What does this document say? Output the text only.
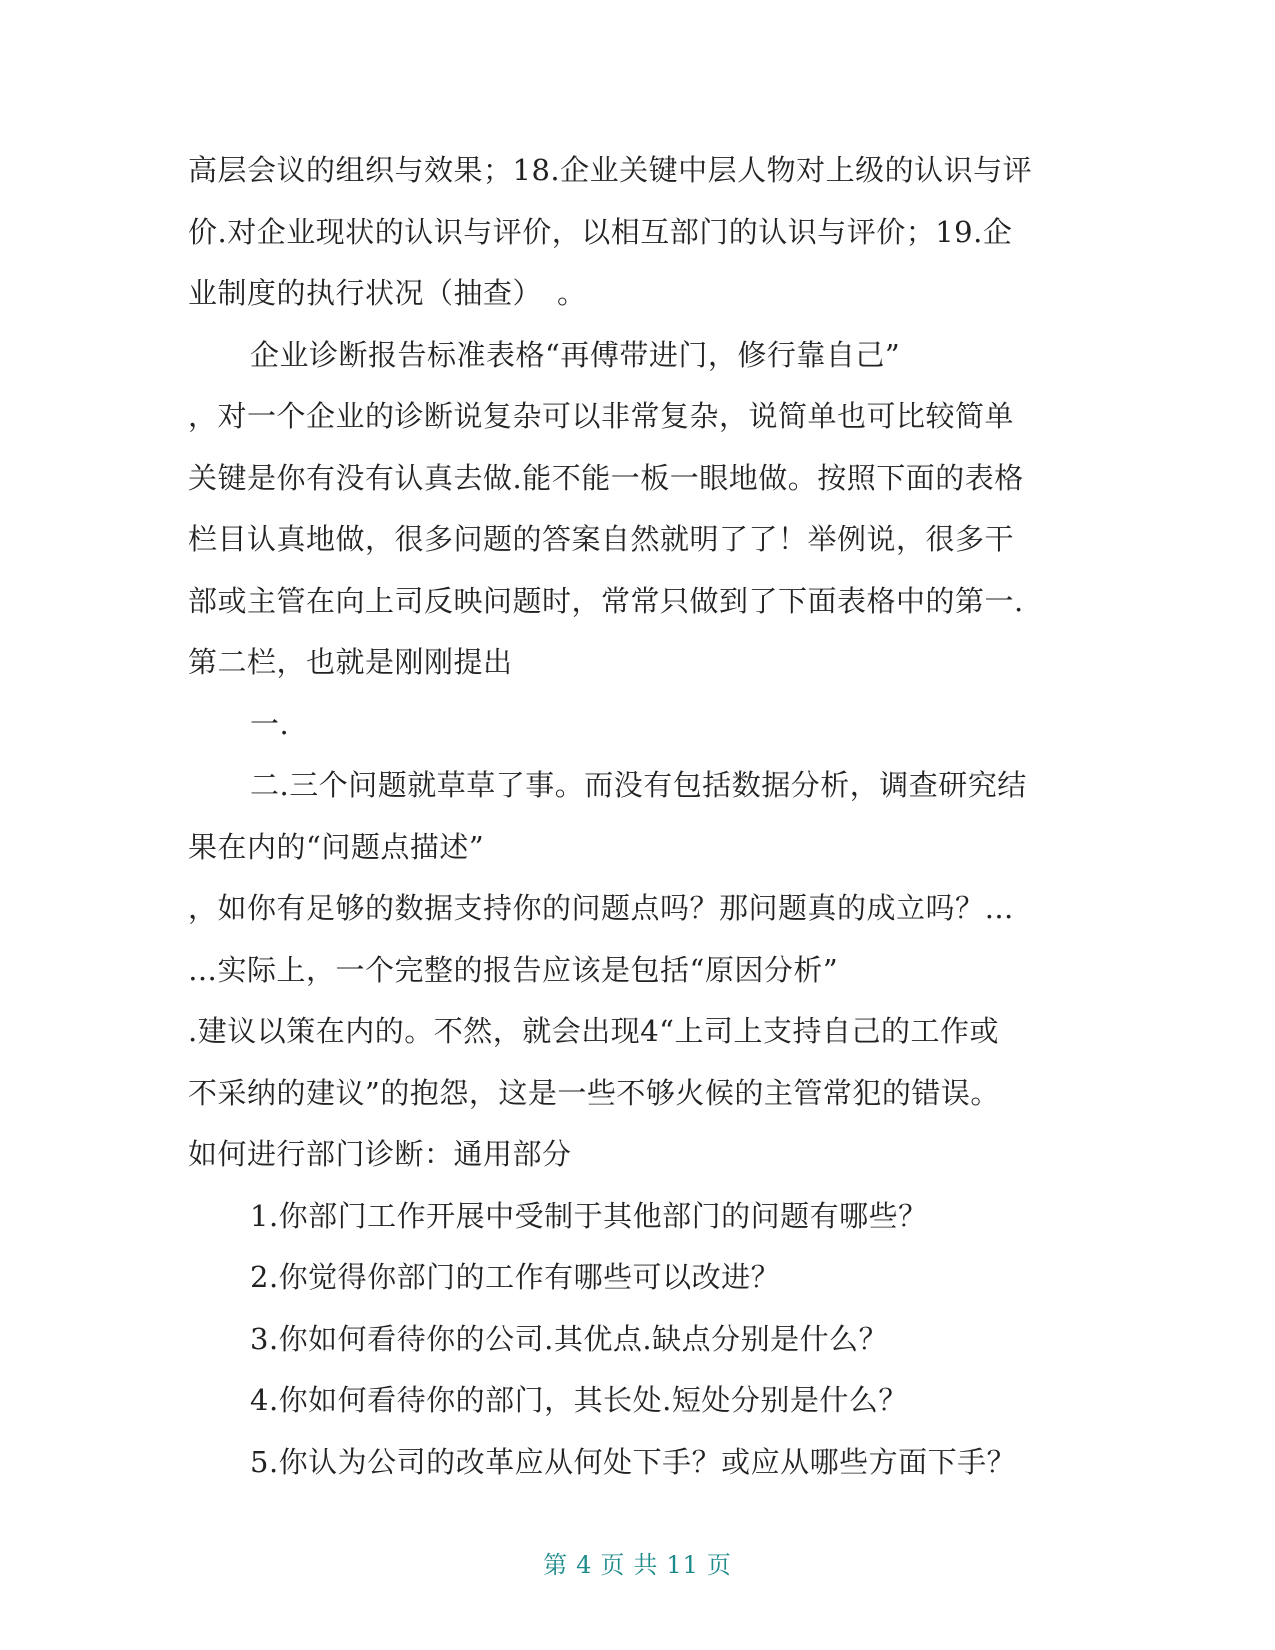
高层会议的组织与效果；18.企业关键中层人物对上级的认识与评
价.对企业现状的认识与评价，以相互部门的认识与评价；19.企
业制度的执行状况（抽查）　。
企业诊断报告标准表格“再傅带进门，修行靠自己”
，对一个企业的诊断说复杂可以非常复杂，说简单也可比较简单
关键是你有没有认真去做.能不能一板一眼地做。按照下面的表格
栏目认真地做，很多问题的答案自然就明了了！举例说，很多干
部或主管在向上司反映问题时，常常只做到了下面表格中的第一.
第二栏，也就是刚刚提出
一.
二.三个问题就草草了事。而没有包括数据分析，调查研究结
果在内的“问题点描述”
，如你有足够的数据支持你的问题点吗？那问题真的成立吗？…
…实际上，一个完整的报告应该是包括“原因分析”
.建议以策在内的。不然，就会出现4“上司上支持自己的工作或
不采纳的建议”的抱怨，这是一些不够火候的主管常犯的错误。
如何进行部门诊断：通用部分
1.你部门工作开展中受制于其他部门的问题有哪些？
2.你觉得你部门的工作有哪些可以改进？
3.你如何看待你的公司.其优点.缺点分别是什么？
4.你如何看待你的部门，其长处.短处分别是什么？
5.你认为公司的改革应从何处下手？或应从哪些方面下手？
第 4 页 共 11 页
